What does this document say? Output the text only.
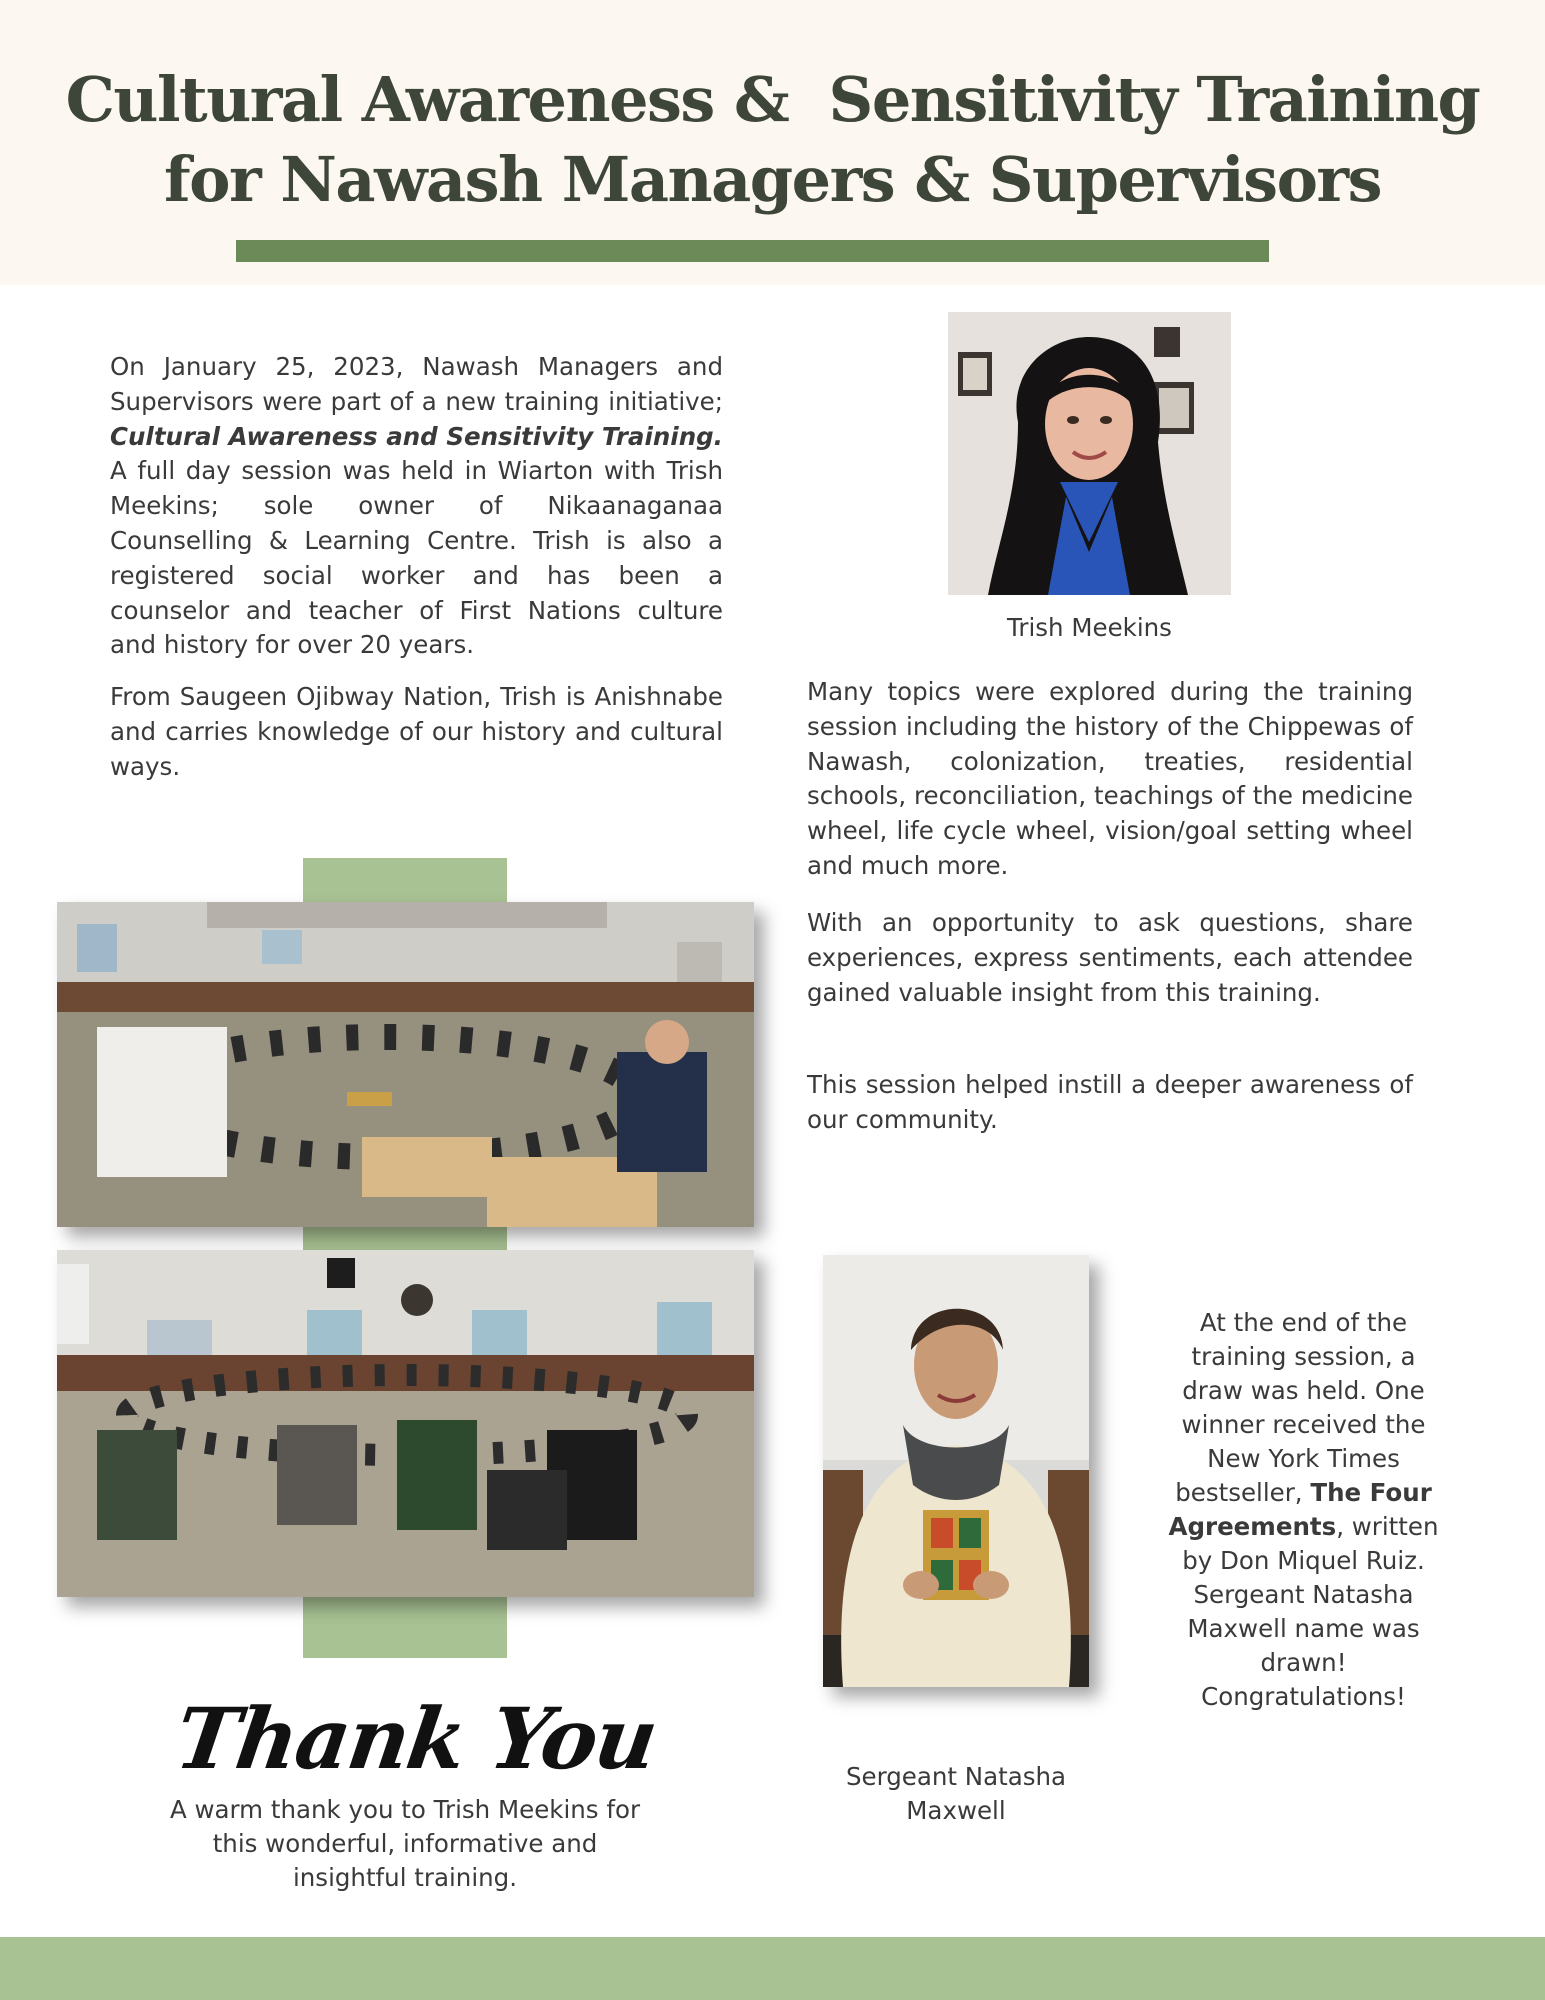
Cultural Awareness &  Sensitivity Training
for Nawash Managers & Supervisors

On January 25, 2023, Nawash Managers and Supervisors were part of a new training initiative; Cultural Awareness and Sensitivity Training. A full day session was held in Wiarton with Trish Meekins; sole owner of Nikaanaganaa Counselling & Learning Centre. Trish is also a registered social worker and has been a counselor and teacher of First Nations culture and history for over 20 years.

From Saugeen Ojibway Nation, Trish is Anishnabe and carries knowledge of our history and cultural ways.

Trish Meekins

Many topics were explored during the training session including the history of the Chippewas of Nawash, colonization, treaties, residential schools, reconciliation, teachings of the medicine wheel, life cycle wheel, vision/goal setting wheel and much more.

With an opportunity to ask questions, share experiences, express sentiments, each attendee gained valuable insight from this training.

This session helped instill a deeper awareness of our community.

At the end of the training session, a draw was held. One winner received the New York Times bestseller, The Four Agreements, written by Don Miquel Ruiz. Sergeant Natasha Maxwell name was drawn! Congratulations!

Sergeant Natasha Maxwell
Thank You

A warm thank you to Trish Meekins for this wonderful, informative and insightful training.
